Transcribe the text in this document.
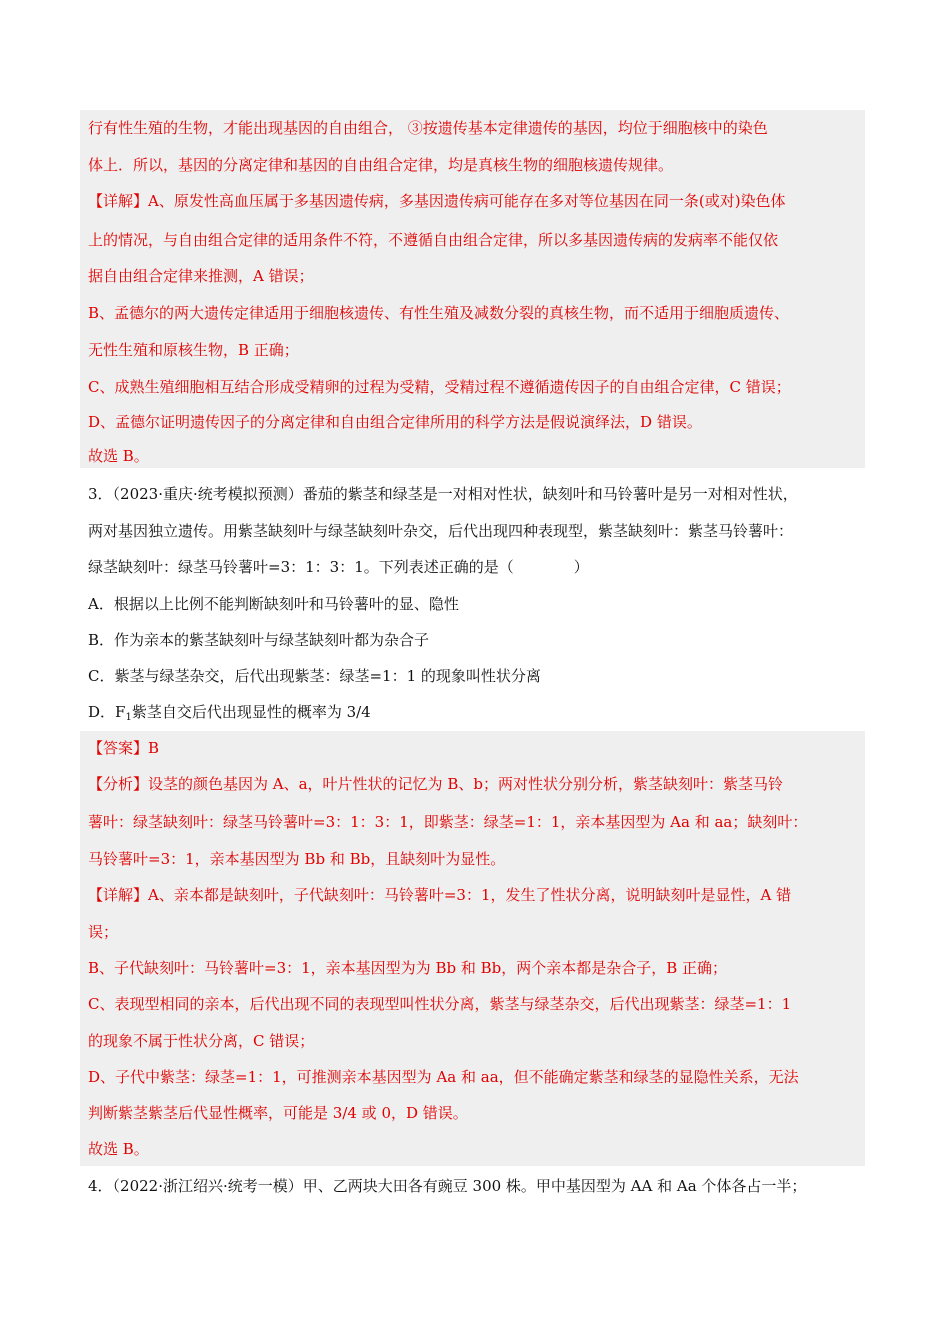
行有性生殖的生物，才能出现基因的自由组合， ③按遗传基本定律遗传的基因，均位于细胞核中的染色
体上．所以，基因的分离定律和基因的自由组合定律，均是真核生物的细胞核遗传规律。
【详解】A、原发性高血压属于多基因遗传病，多基因遗传病可能存在多对等位基因在同一条(或对)染色体
上的情况，与自由组合定律的适用条件不符，不遵循自由组合定律，所以多基因遗传病的发病率不能仅依
据自由组合定律来推测，A 错误；
B、孟德尔的两大遗传定律适用于细胞核遗传、有性生殖及减数分裂的真核生物，而不适用于细胞质遗传、
无性生殖和原核生物，B 正确；
C、成熟生殖细胞相互结合形成受精卵的过程为受精，受精过程不遵循遗传因子的自由组合定律，C 错误；
D、孟德尔证明遗传因子的分离定律和自由组合定律所用的科学方法是假说演绎法，D 错误。
故选 B。
3．（2023·重庆·统考模拟预测）番茄的紫茎和绿茎是一对相对性状，缺刻叶和马铃薯叶是另一对相对性状，
两对基因独立遗传。用紫茎缺刻叶与绿茎缺刻叶杂交，后代出现四种表现型，紫茎缺刻叶：紫茎马铃薯叶：
绿茎缺刻叶：绿茎马铃薯叶=3：1：3：1。下列表述正确的是（　　　　）
A．根据以上比例不能判断缺刻叶和马铃薯叶的显、隐性
B．作为亲本的紫茎缺刻叶与绿茎缺刻叶都为杂合子
C．紫茎与绿茎杂交，后代出现紫茎：绿茎=1：1 的现象叫性状分离
D．$F_1$紫茎自交后代出现显性的概率为 3/4
【答案】B
【分析】设茎的颜色基因为 A、a，叶片性状的记忆为 B、b；两对性状分别分析，紫茎缺刻叶：紫茎马铃
薯叶：绿茎缺刻叶：绿茎马铃薯叶=3：1：3：1，即紫茎：绿茎=1：1，亲本基因型为 Aa 和 aa；缺刻叶：
马铃薯叶=3：1，亲本基因型为 Bb 和 Bb，且缺刻叶为显性。
【详解】A、亲本都是缺刻叶，子代缺刻叶：马铃薯叶=3：1，发生了性状分离，说明缺刻叶是显性，A 错
误；
B、子代缺刻叶：马铃薯叶=3：1，亲本基因型为为 Bb 和 Bb，两个亲本都是杂合子，B 正确；
C、表现型相同的亲本，后代出现不同的表现型叫性状分离，紫茎与绿茎杂交，后代出现紫茎：绿茎=1：1
的现象不属于性状分离，C 错误；
D、子代中紫茎：绿茎=1：1，可推测亲本基因型为 Aa 和 aa，但不能确定紫茎和绿茎的显隐性关系，无法
判断紫茎紫茎后代显性概率，可能是 3/4 或 0，D 错误。
故选 B。
4．（2022·浙江绍兴·统考一模）甲、乙两块大田各有豌豆 300 株。甲中基因型为 AA 和 Aa 个体各占一半；
